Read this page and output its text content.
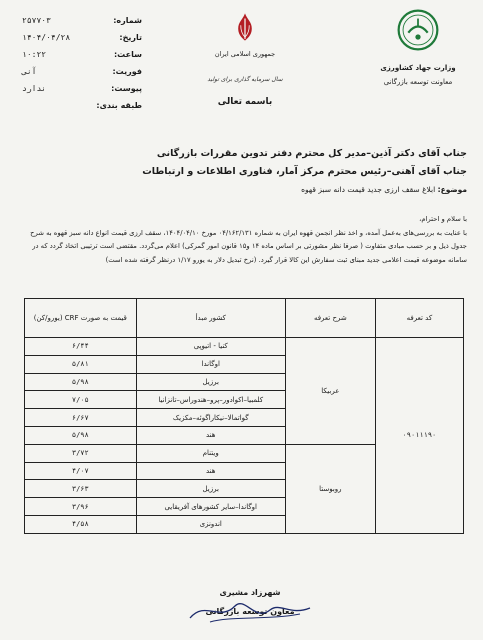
شماره:
۲۵۷۷۰۳
تاریخ:
۱۴۰۴/۰۴/۲۸
ساعت:
۱۰:۲۲
فوریت:
آنی
پیوست:
ندارد
طبقه بندی:
جمهوری اسلامی ایران
سال سرمایه گذاری برای تولید
باسمه تعالی
وزارت جهاد کشاورزی
معاونت توسعه بازرگانی
جناب آقای دکتر آذین–مدیر کل محترم دفتر تدوین مقررات بازرگانی
جناب آقای آهنی–رئیس محترم مرکز آمار، فناوری اطلاعات و ارتباطات
موضوع: ابلاغ سقف ارزی جدید قیمت دانه سبز قهوه

با سلام و احترام،

با عنایت به بررسی‌های به‌عمل آمده، و اخذ نظر انجمن قهوه ایران به شماره ۰۴/۱۶۲/۱۳۱ مورخ ۱۴۰۴/۰۴/۱۰، سقف ارزی قیمت انواع دانه سبز قهوه به شرح جدول ذیل و بر حسب مبادی متفاوت ( صرفا نظر مشورتی بر اساس ماده ۱۴ و۱۵ قانون امور گمرکی) اعلام می‌گردد. مقتضی است ترتیبی اتخاذ گردد که در سامانه موضوعه قیمت اعلامی جدید مبنای ثبت سفارش این کالا قرار گیرد. (نرخ تبدیل دلار به یورو ۱/۱۷ درنظر گرفته شده است)

کد تعرفه	شرح تعرفه	کشور مبدأ	قیمت به صورت CRF (یورو/کن)
۰۹۰۱۱۱۹۰	عربیکا	کنیا - اتیوپی	۶/۴۴
		اوگاندا	۵/۸۱
		برزیل	۵/۹۸
		کلمبیا–اکوادور–پرو–هندوراس–تانزانیا	۷/۰۵
		گواتمالا–نیکاراگوئه–مکزیک	۶/۶۷
		هند	۵/۹۸
	روبوستا	ویتنام	۳/۷۲
		هند	۴/۰۷
		برزیل	۳/۶۳
		اوگاندا–سایر کشورهای آفریقایی	۳/۹۶
		اندونزی	۴/۵۸
شهرزاد مشیری
معاون توسعه بازرگانی
